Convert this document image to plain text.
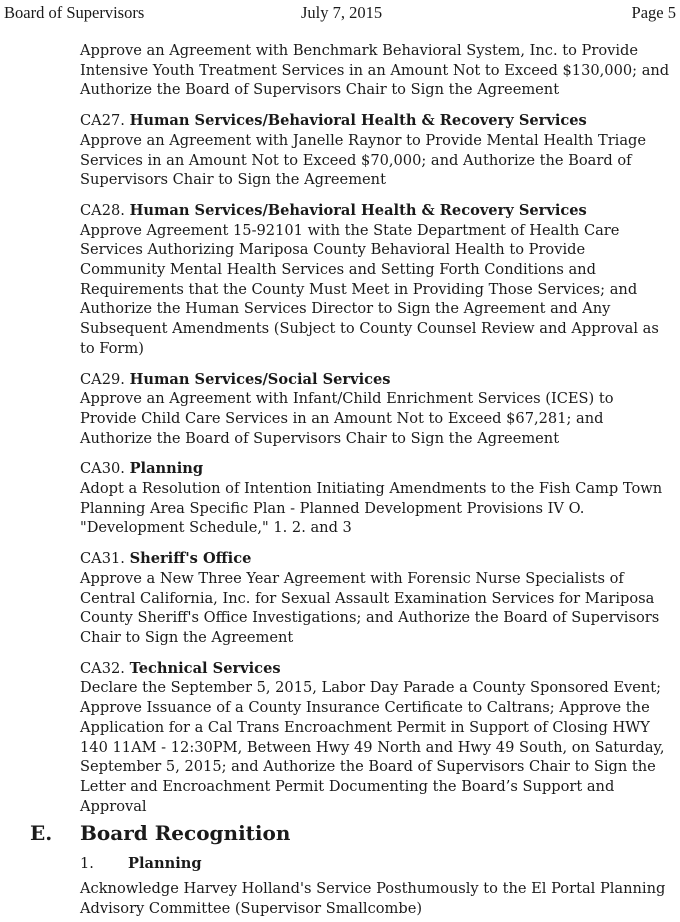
Board of Supervisors	July 7, 2015	Page 5

Approve an Agreement with Benchmark Behavioral System, Inc. to Provide Intensive Youth Treatment Services in an Amount Not to Exceed $130,000; and Authorize the Board of Supervisors Chair to Sign the Agreement

CA27. Human Services/Behavioral Health & Recovery Services

Approve an Agreement with Janelle Raynor to Provide Mental Health Triage Services in an Amount Not to Exceed $70,000; and Authorize the Board of Supervisors Chair to Sign the Agreement

CA28. Human Services/Behavioral Health & Recovery Services

Approve Agreement 15-92101 with the State Department of Health Care Services Authorizing Mariposa County Behavioral Health to Provide Community Mental Health Services and Setting Forth Conditions and Requirements that the County Must Meet in Providing Those Services; and Authorize the Human Services Director to Sign the Agreement and Any Subsequent Amendments (Subject to County Counsel Review and Approval as to Form)

CA29. Human Services/Social Services

Approve an Agreement with Infant/Child Enrichment Services (ICES) to Provide Child Care Services in an Amount Not to Exceed $67,281; and Authorize the Board of Supervisors Chair to Sign the Agreement

CA30. Planning

Adopt a Resolution of Intention Initiating Amendments to the Fish Camp Town Planning Area Specific Plan - Planned Development Provisions IV O. "Development Schedule," 1. 2. and 3

CA31. Sheriff's Office

Approve a New Three Year Agreement with Forensic Nurse Specialists of Central California, Inc. for Sexual Assault Examination Services for Mariposa County Sheriff's Office Investigations; and Authorize the Board of Supervisors Chair to Sign the Agreement

CA32. Technical Services

Declare the September 5, 2015, Labor Day Parade a County Sponsored Event; Approve Issuance of a County Insurance Certificate to Caltrans; Approve the Application for a Cal Trans Encroachment Permit in Support of Closing HWY 140 11AM - 12:30PM, Between Hwy 49 North and Hwy 49 South, on Saturday, September 5, 2015; and Authorize the Board of Supervisors Chair to Sign the Letter and Encroachment Permit Documenting the Board’s Support and Approval

E. Board Recognition
1. Planning

Acknowledge Harvey Holland's Service Posthumously to the El Portal Planning Advisory Committee (Supervisor Smallcombe)
